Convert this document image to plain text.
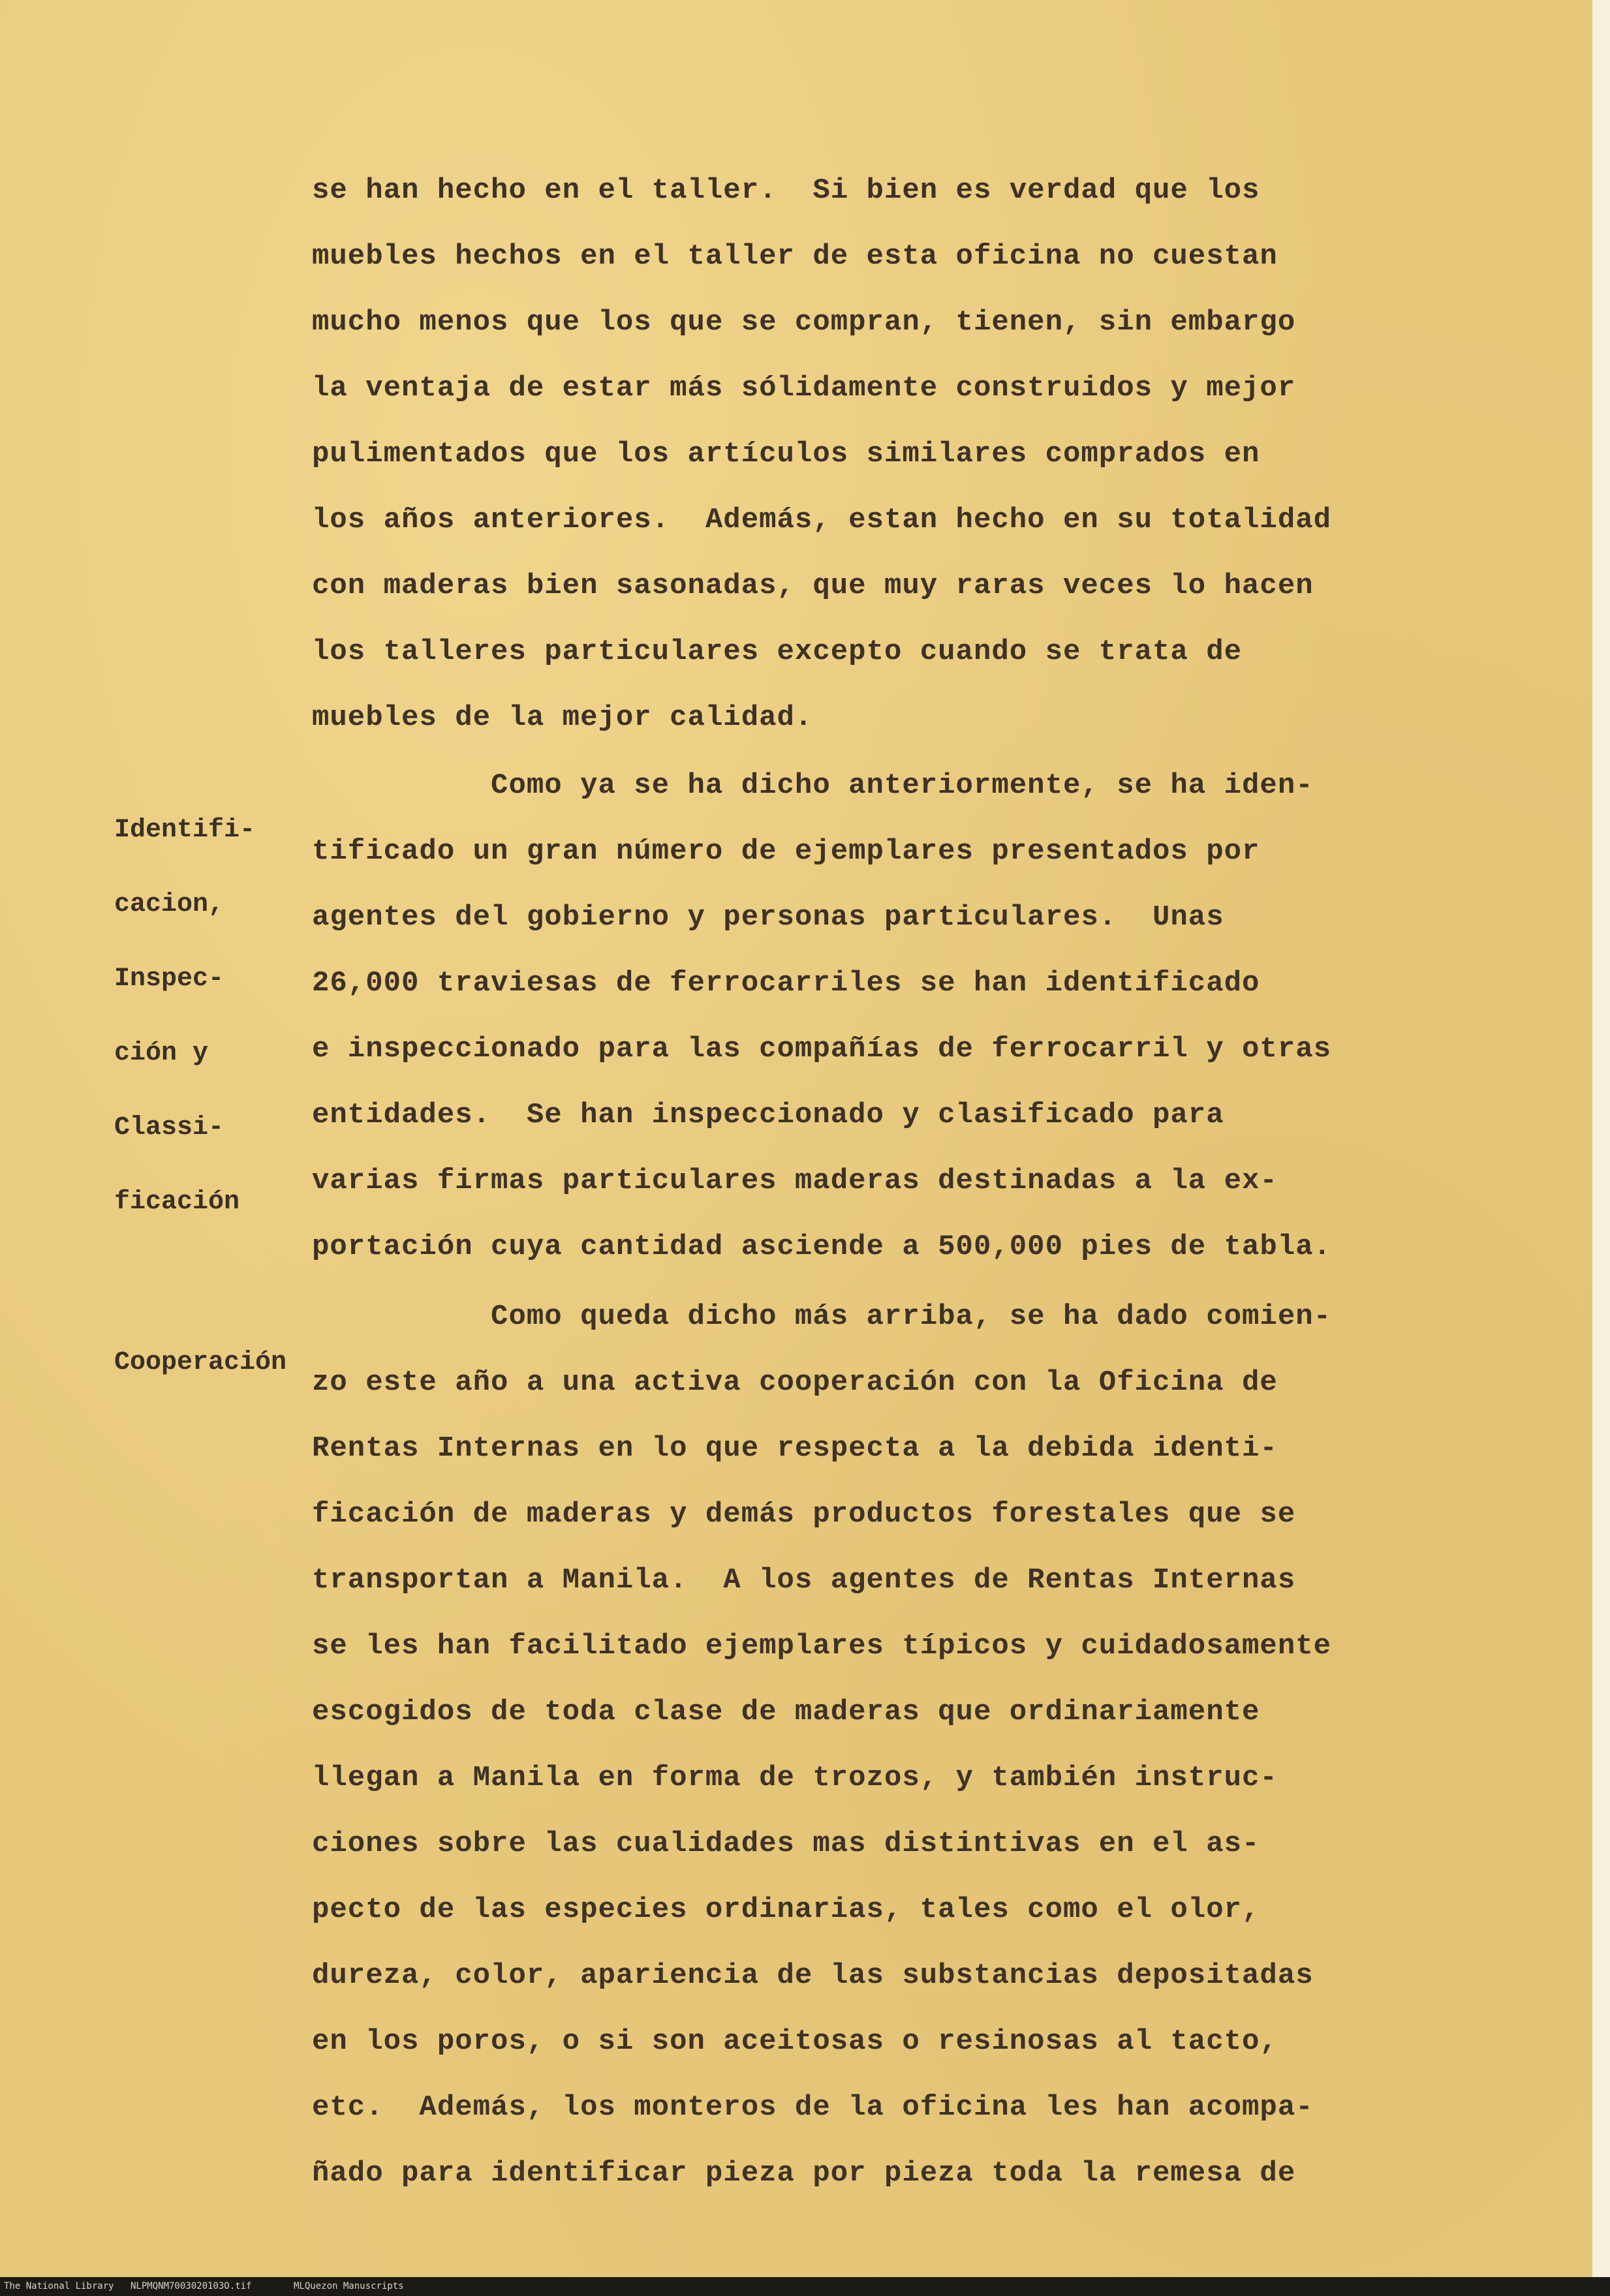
se han hecho en el taller.  Si bien es verdad que los
muebles hechos en el taller de esta oficina no cuestan
mucho menos que los que se compran, tienen, sin embargo
la ventaja de estar más sólidamente construidos y mejor
pulimentados que los artículos similares comprados en
los años anteriores.  Además, estan hecho en su totalidad
con maderas bien sasonadas, que muy raras veces lo hacen
los talleres particulares excepto cuando se trata de
muebles de la mejor calidad.

Identifi-

cacion,

Inspec-

ción y

Classi-

ficación

Como ya se ha dicho anteriormente, se ha iden-
tificado un gran número de ejemplares presentados por
agentes del gobierno y personas particulares.  Unas
26,000 traviesas de ferrocarriles se han identificado
e inspeccionado para las compañías de ferrocarril y otras
entidades.  Se han inspeccionado y clasificado para
varias firmas particulares maderas destinadas a la ex-
portación cuya cantidad asciende a 500,000 pies de tabla.

Cooperación

Como queda dicho más arriba, se ha dado comien-
zo este año a una activa cooperación con la Oficina de
Rentas Internas en lo que respecta a la debida identi-
ficación de maderas y demás productos forestales que se
transportan a Manila.  A los agentes de Rentas Internas
se les han facilitado ejemplares típicos y cuidadosamente
escogidos de toda clase de maderas que ordinariamente
llegan a Manila en forma de trozos, y también instruc-
ciones sobre las cualidades mas distintivas en el as-
pecto de las especies ordinarias, tales como el olor,
dureza, color, apariencia de las substancias depositadas
en los poros, o si son aceitosas o resinosas al tacto,
etc.  Además, los monteros de la oficina les han acompa-
ñado para identificar pieza por pieza toda la remesa de
The National Library NLPMQNM7003020103O.tif	MLQuezon Manuscripts
